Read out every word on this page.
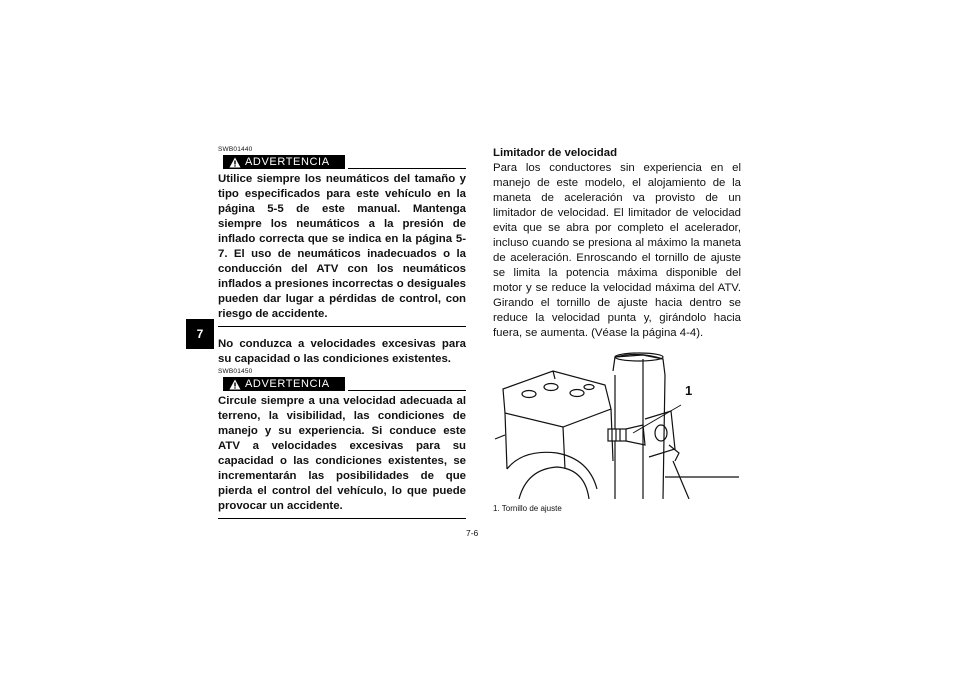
7
SWB01440
ADVERTENCIA

Utilice siempre los neumáticos del tamaño y tipo especificados para este vehículo en la página 5-5 de este manual. Mantenga siempre los neumáticos a la presión de inflado correcta que se indica en la página 5-7. El uso de neumáticos inadecuados o la conducción del ATV con los neumáticos inflados a presiones incorrectas o desiguales pueden dar lugar a pérdidas de control, con riesgo de accidente.

No conduzca a velocidades excesivas para su capacidad o las condiciones existentes.

SWB01450
ADVERTENCIA

Circule siempre a una velocidad adecuada al terreno, la visibilidad, las condiciones de manejo y su experiencia. Si conduce este ATV a velocidades excesivas para su capacidad o las condiciones existentes, se incrementarán las posibilidades de que pierda el control del vehículo, lo que puede provocar un accidente.

Limitador de velocidad

Para los conductores sin experiencia en el manejo de este modelo, el alojamiento de la maneta de aceleración va provisto de un limitador de velocidad. El limitador de velocidad evita que se abra por completo el acelerador, incluso cuando se presiona al máximo la maneta de aceleración. Enroscando el tornillo de ajuste se limita la potencia máxima disponible del motor y se reduce la velocidad máxima del ATV. Girando el tornillo de ajuste hacia dentro se reduce la velocidad punta y, girándolo hacia fuera, se aumenta. (Véase la página 4-4).

1
1. Tornillo de ajuste
7-6
